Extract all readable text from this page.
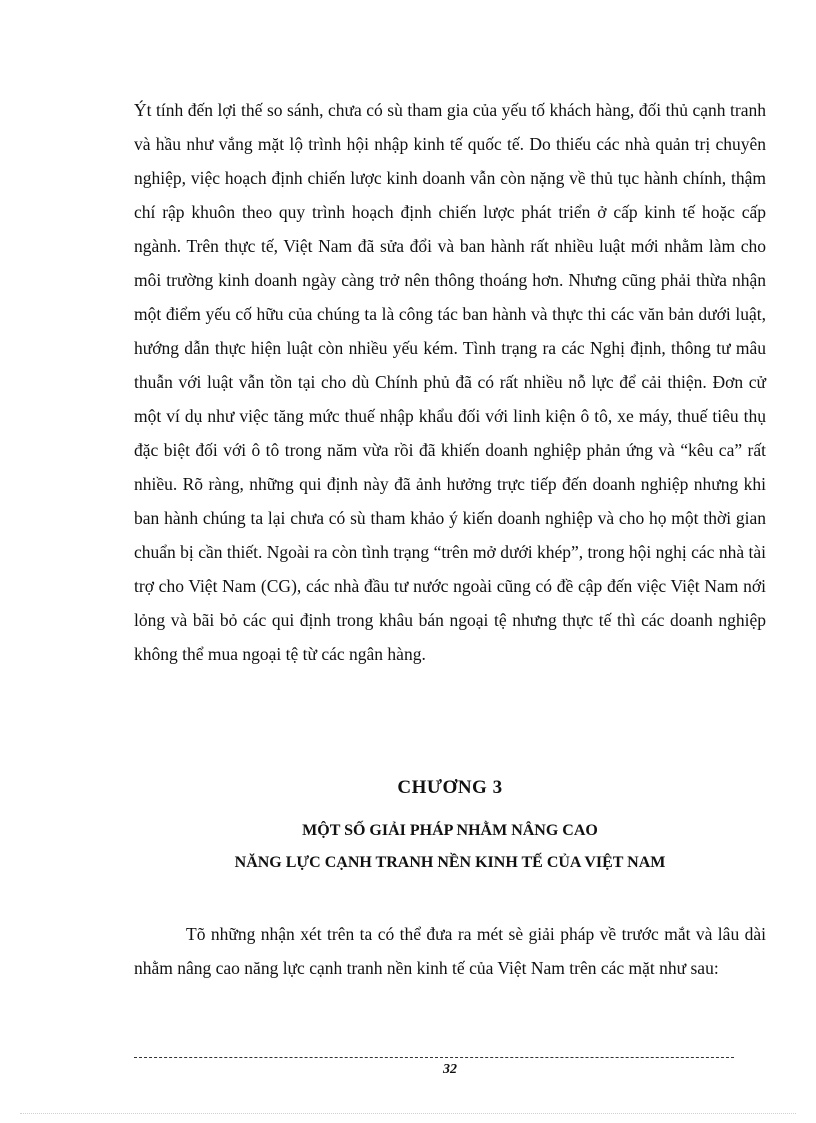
Ýt tính đến lợi thế so sánh, chưa có sù tham gia của yếu tố khách hàng, đối thủ cạnh tranh và hầu như vắng mặt lộ trình hội nhập kinh tế quốc tế. Do thiếu các nhà quản trị chuyên nghiệp, việc hoạch định chiến lược kinh doanh vẫn còn nặng về thủ tục hành chính, thậm chí rập khuôn theo quy trình hoạch định chiến lược phát triển ở cấp kinh tế hoặc cấp ngành. Trên thực tế, Việt Nam đã sửa đổi và ban hành rất nhiều luật mới nhằm làm cho môi trường kinh doanh ngày càng trở nên thông thoáng hơn. Nhưng cũng phải thừa nhận một điểm yếu cố hữu của chúng ta là công tác ban hành và thực thi các văn bản dưới luật, hướng dẫn thực hiện luật còn nhiều yếu kém. Tình trạng ra các Nghị định, thông tư mâu thuẫn với luật vẫn tồn tại cho dù Chính phủ đã có rất nhiều nỗ lực để cải thiện. Đơn cử một ví dụ như việc tăng mức thuế nhập khẩu đối với linh kiện ô tô, xe máy, thuế tiêu thụ đặc biệt đối với ô tô trong năm vừa rồi đã khiến doanh nghiệp phản ứng và “kêu ca” rất nhiều. Rõ ràng, những qui định này đã ảnh hưởng trực tiếp đến doanh nghiệp nhưng khi ban hành chúng ta lại chưa có sù tham khảo ý kiến doanh nghiệp và cho họ một thời gian chuẩn bị cần thiết. Ngoài ra còn tình trạng “trên mở dưới khép”, trong hội nghị các nhà tài trợ cho Việt Nam (CG), các nhà đầu tư nước ngoài cũng có đề cập đến việc Việt Nam nới lỏng và bãi bỏ các qui định trong khâu bán ngoại tệ nhưng thực tế thì các doanh nghiệp không thể mua ngoại tệ từ các ngân hàng.

CHƯƠNG 3
MỘT SỐ GIẢI PHÁP NHẰM NÂNG CAO
NĂNG LỰC CẠNH TRANH NỀN KINH TẾ CỦA VIỆT NAM

Tõ những nhận xét trên ta có thể đưa ra mét sè giải pháp về trước mắt và lâu dài nhằm nâng cao năng lực cạnh tranh nền kinh tế của Việt Nam trên các mặt như sau:

32
